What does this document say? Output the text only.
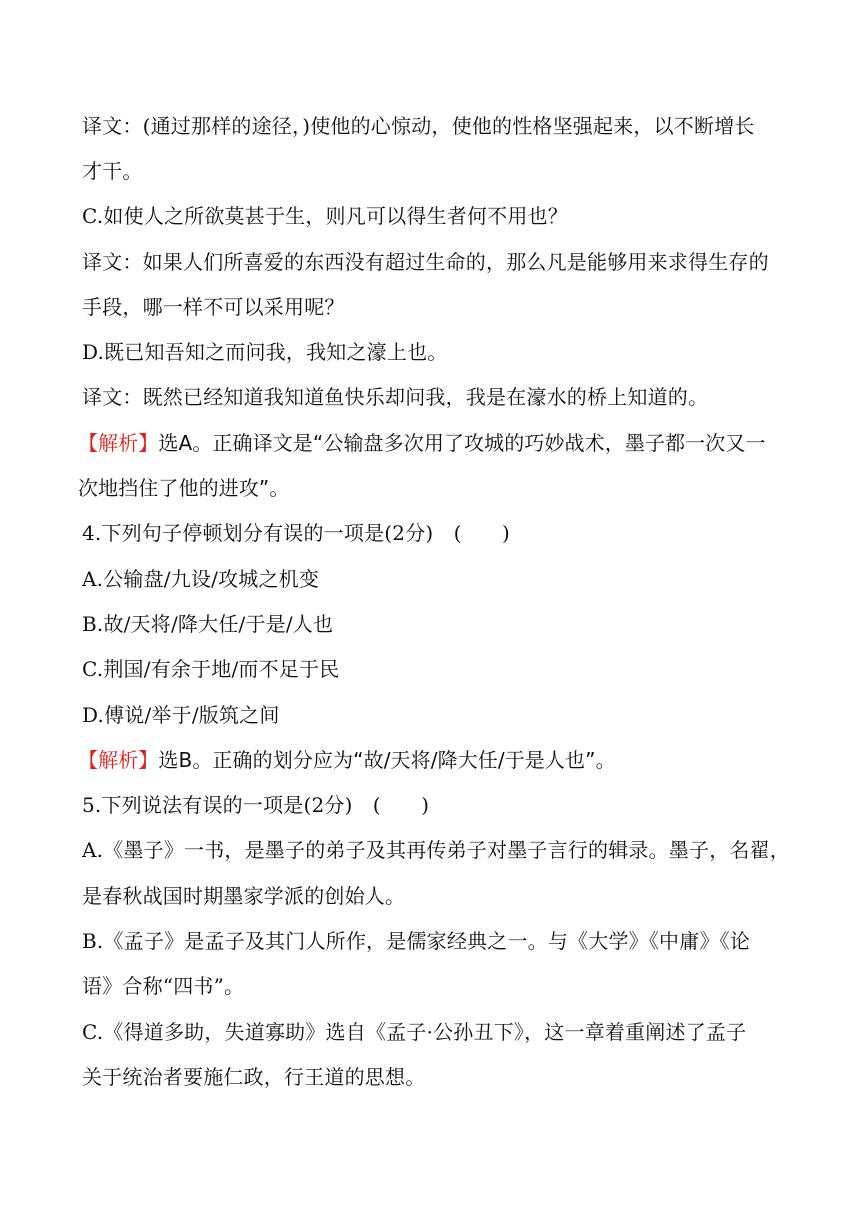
译文：(通过那样的途径，)使他的心惊动，使他的性格坚强起来，以不断增长
才干。
C.如使人之所欲莫甚于生，则凡可以得生者何不用也？
译文：如果人们所喜爱的东西没有超过生命的，那么凡是能够用来求得生存的
手段，哪一样不可以采用呢？
D.既已知吾知之而问我，我知之濠上也。
译文：既然已经知道我知道鱼快乐却问我，我是在濠水的桥上知道的。
【解析】选A。正确译文是“公输盘多次用了攻城的巧妙战术，墨子都一次又一
次地挡住了他的进攻”。
4.下列句子停顿划分有误的一项是(2分)　(　　)
A.公输盘/九设/攻城之机变
B.故/天将/降大任/于是/人也
C.荆国/有余于地/而不足于民
D.傅说/举于/版筑之间
【解析】选B。正确的划分应为“故/天将/降大任/于是人也”。
5.下列说法有误的一项是(2分)　(　　)
A.《墨子》一书，是墨子的弟子及其再传弟子对墨子言行的辑录。墨子，名翟，
是春秋战国时期墨家学派的创始人。
B.《孟子》是孟子及其门人所作，是儒家经典之一。与《大学》《中庸》《论
语》合称“四书”。
C.《得道多助，失道寡助》选自《孟子·公孙丑下》，这一章着重阐述了孟子
关于统治者要施仁政，行王道的思想。
